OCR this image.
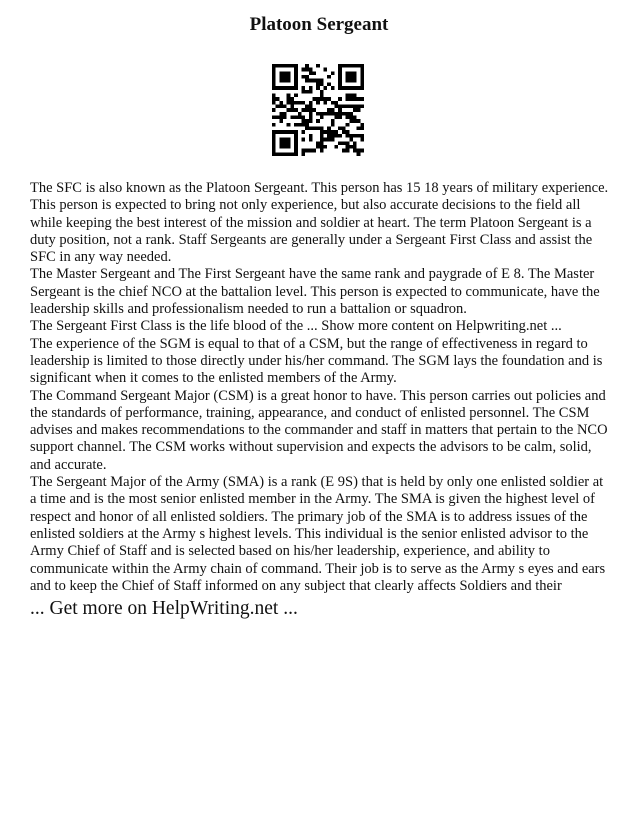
Platoon Sergeant

The SFC is also known as the Platoon Sergeant. This person has 15 18 years of military experience. This person is expected to bring not only experience, but also accurate decisions to the field all while keeping the best interest of the mission and soldier at heart. The term Platoon Sergeant is a duty position, not a rank. Staff Sergeants are generally under a Sergeant First Class and assist the SFC in any way needed.

The Master Sergeant and The First Sergeant have the same rank and paygrade of E 8. The Master Sergeant is the chief NCO at the battalion level. This person is expected to communicate, have the leadership skills and professionalism needed to run a battalion or squadron.

The Sergeant First Class is the life blood of the ... Show more content on Helpwriting.net ...

The experience of the SGM is equal to that of a CSM, but the range of effectiveness in regard to leadership is limited to those directly under his/her command. The SGM lays the foundation and is significant when it comes to the enlisted members of the Army.

The Command Sergeant Major (CSM) is a great honor to have. This person carries out policies and the standards of performance, training, appearance, and conduct of enlisted personnel. The CSM advises and makes recommendations to the commander and staff in matters that pertain to the NCO support channel. The CSM works without supervision and expects the advisors to be calm, solid, and accurate.

The Sergeant Major of the Army (SMA) is a rank (E 9S) that is held by only one enlisted soldier at a time and is the most senior enlisted member in the Army. The SMA is given the highest level of respect and honor of all enlisted soldiers. The primary job of the SMA is to address issues of the enlisted soldiers at the Army s highest levels. This individual is the senior enlisted advisor to the Army Chief of Staff and is selected based on his/her leadership, experience, and ability to communicate within the Army chain of command. Their job is to serve as the Army s eyes and ears and to keep the Chief of Staff informed on any subject that clearly affects Soldiers and their

... Get more on HelpWriting.net ...
